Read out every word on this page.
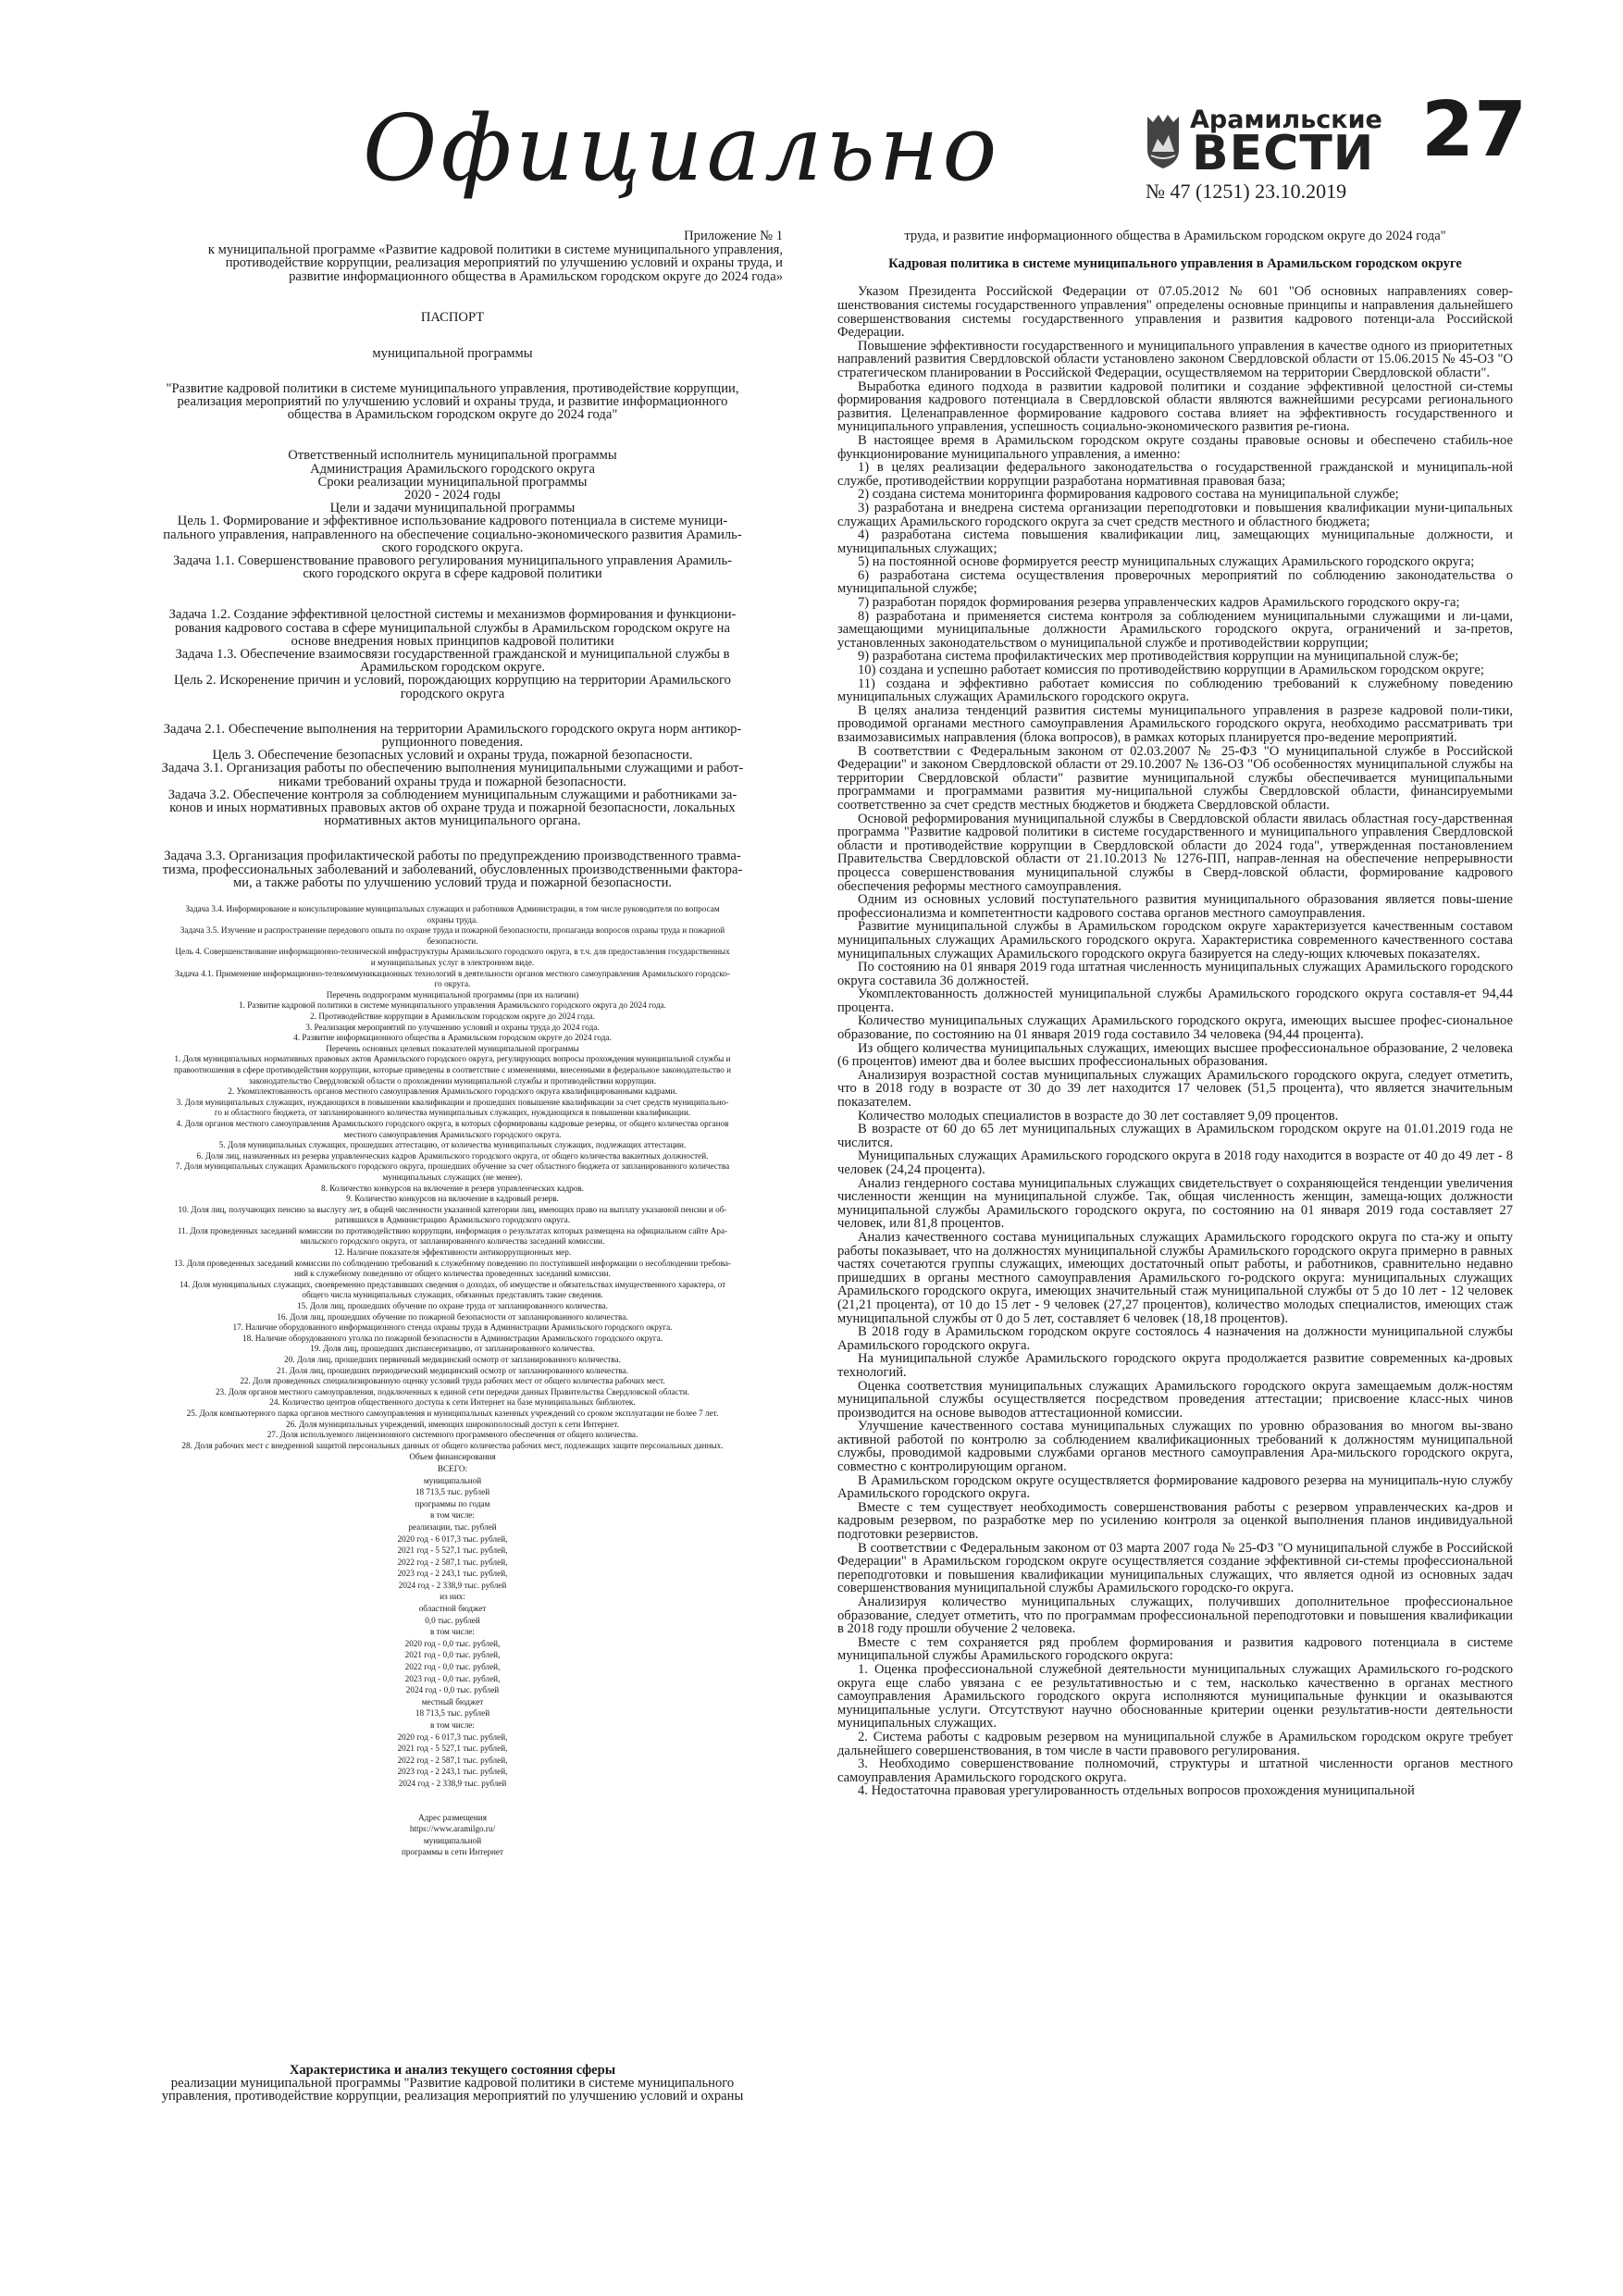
Официально	Арамильские
ВЕСТИ
№ 47 (1251) 23.10.2019
27

Приложение № 1

к муниципальной программе «Развитие кадровой политики в системе муниципального управления,

противодействие коррупции, реализация мероприятий по улучшению условий и охраны труда, и

развитие информационного общества в Арамильском городском округе до 2024 года»

ПАСПОРТ

муниципальной программы

"Развитие кадровой политики в системе муниципального управления, противодействие коррупции,

реализация мероприятий по улучшению условий и охраны труда, и развитие информационного

общества в Арамильском городском округе до 2024 года"

Ответственный исполнитель муниципальной программы

Администрация Арамильского городского округа

Сроки реализации муниципальной программы

2020 - 2024 годы

Цели и задачи муниципальной программы

Цель 1. Формирование и эффективное использование кадрового потенциала в системе муници-

пального управления, направленного на обеспечение социально-экономического развития Арамиль-

ского городского округа.

Задача 1.1. Совершенствование правового регулирования муниципального управления Арамиль-

ского городского округа в сфере кадровой политики

Задача 1.2. Создание эффективной целостной системы и механизмов формирования и функциони-

рования кадрового состава в сфере муниципальной службы в Арамильском городском округе на

основе внедрения новых принципов кадровой политики

Задача 1.3. Обеспечение взаимосвязи государственной гражданской и муниципальной службы в

Арамильском городском округе.

Цель 2. Искоренение причин и условий, порождающих коррупцию на территории Арамильского

городского округа

Задача 2.1. Обеспечение выполнения на территории Арамильского городского округа норм антикор-

рупционного поведения.

Цель 3. Обеспечение безопасных условий и охраны труда, пожарной безопасности.

Задача 3.1. Организация работы по обеспечению выполнения муниципальными служащими и работ-

никами требований охраны труда и пожарной безопасности.

Задача 3.2. Обеспечение контроля за соблюдением муниципальным служащими и работниками за-

конов и иных нормативных правовых актов об охране труда и пожарной безопасности, локальных

нормативных актов муниципального органа.

Задача 3.3. Организация профилактической работы по предупреждению производственного травма-

тизма, профессиональных заболеваний и заболеваний, обусловленных производственными фактора-

ми, а также работы по улучшению условий труда и пожарной безопасности.

Задача 3.4. Информирование и консультирование муниципальных служащих и работников Администрации, в том числе руководителя по вопросам

охраны труда.

Задача 3.5. Изучение и распространение передового опыта по охране труда и пожарной безопасности, пропаганда вопросов охраны труда и пожарной

безопасности.

Цель 4. Совершенствование информационно-технической инфраструктуры Арамильского городского округа, в т.ч. для предоставления государственных

и муниципальных услуг в электронном виде.

Задача 4.1. Применение информационно-телекоммуникационных технологий в деятельности органов местного самоуправления Арамильского городско-

го округа.

Перечень подпрограмм муниципальной программы (при их наличии)

1. Развитие кадровой политики в системе муниципального управления Арамильского городского округа до 2024 года.

2. Противодействие коррупции в Арамильском городском округе до 2024 года.

3. Реализация мероприятий по улучшению условий и охраны труда до 2024 года.

4. Развитие информационного общества в Арамильском городском округе до 2024 года.

Перечень основных целевых показателей муниципальной программы

1. Доля муниципальных нормативных правовых актов Арамильского городского округа, регулирующих вопросы прохождения муниципальной службы и

правоотношения в сфере противодействия коррупции, которые приведены в соответствие с изменениями, внесенными в федеральное законодательство и

законодательство Свердловской области о прохождении муниципальной службы и противодействии коррупции.

2. Укомплектованность органов местного самоуправления Арамильского городского округа квалифицированными кадрами.

3. Доля муниципальных служащих, нуждающихся в повышении квалификации и прошедших повышение квалификации за счет средств муниципально-

го и областного бюджета, от запланированного количества муниципальных служащих, нуждающихся в повышении квалификации.

4. Доля органов местного самоуправления Арамильского городского округа, в которых сформированы кадровые резервы, от общего количества органов

местного самоуправления Арамильского городского округа.

5. Доля муниципальных служащих, прошедших аттестацию, от количества муниципальных служащих, подлежащих аттестации.

6. Доля лиц, назначенных из резерва управленческих кадров Арамильского городского округа, от общего количества вакантных должностей.

7. Доля муниципальных служащих Арамильского городского округа, прошедших обучение за счет областного бюджета от запланированного количества

муниципальных служащих (не менее).

8. Количество конкурсов на включение в резерв управленческих кадров.

9. Количество конкурсов на включение в кадровый резерв.

10. Доля лиц, получающих пенсию за выслугу лет, в общей численности указанной категории лиц, имеющих право на выплату указанной пенсии и об-

ратившихся в Администрацию Арамильского городского округа.

11. Доля проведенных заседаний комиссии по противодействию коррупции, информация о результатах которых размещена на официальном сайте Ара-

мильского городского округа, от запланированного количества заседаний комиссии.

12. Наличие показателя эффективности антикоррупционных мер.

13. Доля проведенных заседаний комиссии по соблюдению требований к служебному поведению по поступившей информации о несоблюдении требова-

ний к служебному поведению от общего количества проведенных заседаний комиссии.

14. Доля муниципальных служащих, своевременно представивших сведения о доходах, об имуществе и обязательствах имущественного характера, от

общего числа муниципальных служащих, обязанных представлять такие сведения.

15. Доля лиц, прошедших обучение по охране труда от запланированного количества.

16. Доля лиц, прошедших обучение по пожарной безопасности от запланированного количества.

17. Наличие оборудованного информационного стенда охраны труда в Администрации Арамильского городского округа.

18. Наличие оборудованного уголка по пожарной безопасности в Администрации Арамильского городского округа.

19. Доля лиц, прошедших диспансеризацию, от запланированного количества.

20. Доля лиц, прошедших первичный медицинский осмотр от запланированного количества.

21. Доля лиц, прошедших периодический медицинский осмотр от запланированного количества.

22. Доля проведенных специализированную оценку условий труда рабочих мест от общего количества рабочих мест.

23. Доля органов местного самоуправления, подключенных к единой сети передачи данных Правительства Свердловской области.

24. Количество центров общественного доступа к сети Интернет на базе муниципальных библиотек.

25. Доля компьютерного парка органов местного самоуправления и муниципальных казенных учреждений со сроком эксплуатации не более 7 лет.

26. Доля муниципальных учреждений, имеющих широкополосный доступ к сети Интернет.

27. Доля используемого лицензионного системного программного обеспечения от общего количества.

28. Доля рабочих мест с внедренной защитой персональных данных от общего количества рабочих мест, подлежащих защите персональных данных.

Объем финансирования

ВСЕГО:

муниципальной

18 713,5 тыс. рублей

программы по годам

в том числе:

реализации, тыс. рублей

2020 год - 6 017,3 тыс. рублей,

2021 год - 5 527,1 тыс. рублей,

2022 год - 2 587,1 тыс. рублей,

2023 год - 2 243,1 тыс. рублей,

2024 год - 2 338,9 тыс. рублей

из них:

областной бюджет

0,0 тыс. рублей

в том числе:

2020 год - 0,0 тыс. рублей,

2021 год - 0,0 тыс. рублей,

2022 год - 0,0 тыс. рублей,

2023 год - 0,0 тыс. рублей,

2024 год - 0,0 тыс. рублей

местный бюджет

18 713,5 тыс. рублей

в том числе:

2020 год - 6 017,3 тыс. рублей,

2021 год - 5 527,1 тыс. рублей,

2022 год - 2 587,1 тыс. рублей,

2023 год - 2 243,1 тыс. рублей,

2024 год - 2 338,9 тыс. рублей

Адрес размещения

https://www.aramilgo.ru/

муниципальной

программы в сети Интернет

Характеристика и анализ текущего состояния сферы

реализации муниципальной программы "Развитие кадровой политики в системе муниципального

управления, противодействие коррупции, реализация мероприятий по улучшению условий и охраны

труда, и развитие информационного общества в Арамильском городском округе до 2024 года"

Кадровая политика в системе муниципального управления в Арамильском городском округе

Указом Президента Российской Федерации от 07.05.2012 № 601 "Об основных направлениях совер-шенствования системы государственного управления" определены основные принципы и направления дальнейшего совершенствования системы государственного управления и развития кадрового потенци-ала Российской Федерации.

Повышение эффективности государственного и муниципального управления в качестве одного из приоритетных направлений развития Свердловской области установлено законом Свердловской области от 15.06.2015 № 45-ОЗ "О стратегическом планировании в Российской Федерации, осуществляемом на территории Свердловской области".

Выработка единого подхода в развитии кадровой политики и создание эффективной целостной си-стемы формирования кадрового потенциала в Свердловской области являются важнейшими ресурсами регионального развития. Целенаправленное формирование кадрового состава влияет на эффективность государственного и муниципального управления, успешность социально-экономического развития ре-гиона.

В настоящее время в Арамильском городском округе созданы правовые основы и обеспечено стабиль-ное функционирование муниципального управления, а именно:

1) в целях реализации федерального законодательства о государственной гражданской и муниципаль-ной службе, противодействии коррупции разработана нормативная правовая база;

2) создана система мониторинга формирования кадрового состава на муниципальной службе;

3) разработана и внедрена система организации переподготовки и повышения квалификации муни-ципальных служащих Арамильского городского округа за счет средств местного и областного бюджета;

4) разработана система повышения квалификации лиц, замещающих муниципальные должности, и муниципальных служащих;

5) на постоянной основе формируется реестр муниципальных служащих Арамильского городского округа;

6) разработана система осуществления проверочных мероприятий по соблюдению законодательства о муниципальной службе;

7) разработан порядок формирования резерва управленческих кадров Арамильского городского окру-га;

8) разработана и применяется система контроля за соблюдением муниципальными служащими и ли-цами, замещающими муниципальные должности Арамильского городского округа, ограничений и за-претов, установленных законодательством о муниципальной службе и противодействии коррупции;

9) разработана система профилактических мер противодействия коррупции на муниципальной служ-бе;

10) создана и успешно работает комиссия по противодействию коррупции в Арамильском городском округе;

11) создана и эффективно работает комиссия по соблюдению требований к служебному поведению муниципальных служащих Арамильского городского округа.

В целях анализа тенденций развития системы муниципального управления в разрезе кадровой поли-тики, проводимой органами местного самоуправления Арамильского городского округа, необходимо рассматривать три взаимозависимых направления (блока вопросов), в рамках которых планируется про-ведение мероприятий.

В соответствии с Федеральным законом от 02.03.2007 № 25-ФЗ "О муниципальной службе в Российской Федерации" и законом Свердловской области от 29.10.2007 № 136-ОЗ "Об особенностях муниципальной службы на территории Свердловской области" развитие муниципальной службы обеспечивается муниципальными программами и программами развития му-ниципальной службы Свердловской области, финансируемыми соответственно за счет средств местных бюджетов и бюджета Свердловской области.

Основой реформирования муниципальной службы в Свердловской области явилась областная госу-дарственная программа "Развитие кадровой политики в системе государственного и муниципального управления Свердловской области и противодействие коррупции в Свердловской области до 2024 года", утвержденная постановлением Правительства Свердловской области от 21.10.2013 № 1276-ПП, направ-ленная на обеспечение непрерывности процесса совершенствования муниципальной службы в Сверд-ловской области, формирование кадрового обеспечения реформы местного самоуправления.

Одним из основных условий поступательного развития муниципального образования является повы-шение профессионализма и компетентности кадрового состава органов местного самоуправления.

Развитие муниципальной службы в Арамильском городском округе характеризуется качественным составом муниципальных служащих Арамильского городского округа. Характеристика современного качественного состава муниципальных служащих Арамильского городского округа базируется на следу-ющих ключевых показателях.

По состоянию на 01 января 2019 года штатная численность муниципальных служащих Арамильского городского округа составила 36 должностей.

Укомплектованность должностей муниципальной службы Арамильского городского округа составля-ет 94,44 процента.

Количество муниципальных служащих Арамильского городского округа, имеющих высшее профес-сиональное образование, по состоянию на 01 января 2019 года составило 34 человека (94,44 процента).

Из общего количества муниципальных служащих, имеющих высшее профессиональное образование, 2 человека (6 процентов) имеют два и более высших профессиональных образования.

Анализируя возрастной состав муниципальных служащих Арамильского городского округа, следует отметить, что в 2018 году в возрасте от 30 до 39 лет находится 17 человек (51,5 процента), что является значительным показателем.

Количество молодых специалистов в возрасте до 30 лет составляет 9,09 процентов.

В возрасте от 60 до 65 лет муниципальных служащих в Арамильском городском округе на 01.01.2019 года не числится.

Муниципальных служащих Арамильского городского округа в 2018 году находится в возрасте от 40 до 49 лет - 8 человек (24,24 процента).

Анализ гендерного состава муниципальных служащих свидетельствует о сохраняющейся тенденции увеличения численности женщин на муниципальной службе. Так, общая численность женщин, замеща-ющих должности муниципальной службы Арамильского городского округа, по состоянию на 01 января 2019 года составляет 27 человек, или 81,8 процентов.

Анализ качественного состава муниципальных служащих Арамильского городского округа по ста-жу и опыту работы показывает, что на должностях муниципальной службы Арамильского городского округа примерно в равных частях сочетаются группы служащих, имеющих достаточный опыт работы, и работников, сравнительно недавно пришедших в органы местного самоуправления Арамильского го-родского округа: муниципальных служащих Арамильского городского округа, имеющих значительный стаж муниципальной службы от 5 до 10 лет - 12 человек (21,21 процента), от 10 до 15 лет - 9 человек (27,27 процентов), количество молодых специалистов, имеющих стаж муниципальной службы от 0 до 5 лет, составляет 6 человек (18,18 процентов).

В 2018 году в Арамильском городском округе состоялось 4 назначения на должности муниципальной службы Арамильского городского округа.

На муниципальной службе Арамильского городского округа продолжается развитие современных ка-дровых технологий.

Оценка соответствия муниципальных служащих Арамильского городского округа замещаемым долж-ностям муниципальной службы осуществляется посредством проведения аттестации; присвоение класс-ных чинов производится на основе выводов аттестационной комиссии.

Улучшение качественного состава муниципальных служащих по уровню образования во многом вы-звано активной работой по контролю за соблюдением квалификационных требований к должностям муниципальной службы, проводимой кадровыми службами органов местного самоуправления Ара-мильского городского округа, совместно с контролирующим органом.

В Арамильском городском округе осуществляется формирование кадрового резерва на муниципаль-ную службу Арамильского городского округа.

Вместе с тем существует необходимость совершенствования работы с резервом управленческих ка-дров и кадровым резервом, по разработке мер по усилению контроля за оценкой выполнения планов индивидуальной подготовки резервистов.

В соответствии с Федеральным законом от 03 марта 2007 года № 25-ФЗ "О муниципальной службе в Российской Федерации" в Арамильском городском округе осуществляется создание эффективной си-стемы профессиональной переподготовки и повышения квалификации муниципальных служащих, что является одной из основных задач совершенствования муниципальной службы Арамильского городско-го округа.

Анализируя количество муниципальных служащих, получивших дополнительное профессиональное образование, следует отметить, что по программам профессиональной переподготовки и повышения квалификации в 2018 году прошли обучение 2 человека.

Вместе с тем сохраняется ряд проблем формирования и развития кадрового потенциала в системе муниципальной службы Арамильского городского округа:

1. Оценка профессиональной служебной деятельности муниципальных служащих Арамильского го-родского округа еще слабо увязана с ее результативностью и с тем, насколько качественно в органах местного самоуправления Арамильского городского округа исполняются муниципальные функции и оказываются муниципальные услуги. Отсутствуют научно обоснованные критерии оценки результатив-ности деятельности муниципальных служащих.

2. Система работы с кадровым резервом на муниципальной службе в Арамильском городском округе требует дальнейшего совершенствования, в том числе в части правового регулирования.

3. Необходимо совершенствование полномочий, структуры и штатной численности органов местного самоуправления Арамильского городского округа.

4. Недостаточна правовая урегулированность отдельных вопросов прохождения муниципальной
